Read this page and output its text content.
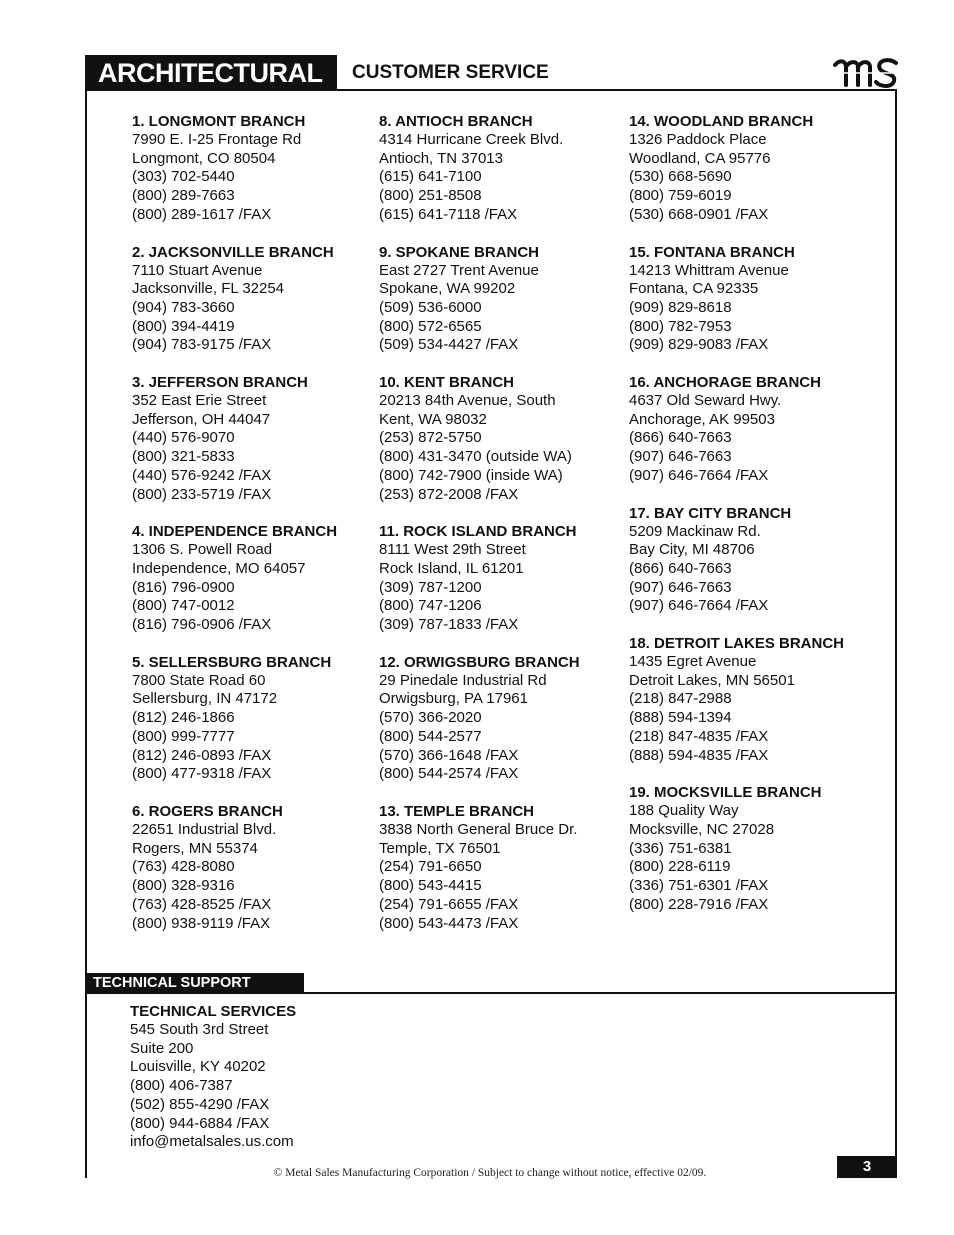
ARCHITECTURAL	CUSTOMER SERVICE
1. LONGMONT BRANCH
7990 E. I-25 Frontage Rd
Longmont, CO 80504
(303) 702-5440
(800) 289-7663
(800) 289-1617 /FAX
2. JACKSONVILLE BRANCH
7110 Stuart Avenue
Jacksonville, FL 32254
(904) 783-3660
(800) 394-4419
(904) 783-9175 /FAX
3. JEFFERSON BRANCH
352 East Erie Street
Jefferson, OH 44047
(440) 576-9070
(800) 321-5833
(440) 576-9242 /FAX
(800) 233-5719 /FAX
4. INDEPENDENCE BRANCH
1306 S. Powell Road
Independence, MO 64057
(816) 796-0900
(800) 747-0012
(816) 796-0906 /FAX
5. SELLERSBURG BRANCH
7800 State Road 60
Sellersburg, IN 47172
(812) 246-1866
(800) 999-7777
(812) 246-0893 /FAX
(800) 477-9318 /FAX
6. ROGERS BRANCH
22651 Industrial Blvd.
Rogers, MN 55374
(763) 428-8080
(800) 328-9316
(763) 428-8525 /FAX
(800) 938-9119 /FAX
8. ANTIOCH BRANCH
4314 Hurricane Creek Blvd.
Antioch, TN 37013
(615) 641-7100
(800) 251-8508
(615) 641-7118 /FAX
9. SPOKANE BRANCH
East 2727 Trent Avenue
Spokane, WA 99202
(509) 536-6000
(800) 572-6565
(509) 534-4427 /FAX
10. KENT BRANCH
20213 84th Avenue, South
Kent, WA 98032
(253) 872-5750
(800) 431-3470 (outside WA)
(800) 742-7900 (inside WA)
(253) 872-2008 /FAX
11. ROCK ISLAND BRANCH
8111 West 29th Street
Rock Island, IL 61201
(309) 787-1200
(800) 747-1206
(309) 787-1833 /FAX
12. ORWIGSBURG BRANCH
29 Pinedale Industrial Rd
Orwigsburg, PA 17961
(570) 366-2020
(800) 544-2577
(570) 366-1648 /FAX
(800) 544-2574 /FAX
13. TEMPLE BRANCH
3838 North General Bruce Dr.
Temple, TX 76501
(254) 791-6650
(800) 543-4415
(254) 791-6655 /FAX
(800) 543-4473 /FAX
14. WOODLAND BRANCH
1326 Paddock Place
Woodland, CA 95776
(530) 668-5690
(800) 759-6019
(530) 668-0901 /FAX
15. FONTANA BRANCH
14213 Whittram Avenue
Fontana, CA 92335
(909) 829-8618
(800) 782-7953
(909) 829-9083 /FAX
16. ANCHORAGE BRANCH
4637 Old Seward Hwy.
Anchorage, AK 99503
(866) 640-7663
(907) 646-7663
(907) 646-7664 /FAX
17. BAY CITY BRANCH
5209 Mackinaw Rd.
Bay City, MI 48706
(866) 640-7663
(907) 646-7663
(907) 646-7664 /FAX
18. DETROIT LAKES BRANCH
1435 Egret Avenue
Detroit Lakes, MN 56501
(218) 847-2988
(888) 594-1394
(218) 847-4835 /FAX
(888) 594-4835 /FAX
19. MOCKSVILLE BRANCH
188 Quality Way
Mocksville, NC 27028
(336) 751-6381
(800) 228-6119
(336) 751-6301 /FAX
(800) 228-7916 /FAX
TECHNICAL SUPPORT
TECHNICAL SERVICES
545 South 3rd Street
Suite 200
Louisville, KY 40202
(800) 406-7387
(502) 855-4290 /FAX
(800) 944-6884 /FAX
info@metalsales.us.com
© Metal Sales Manufacturing Corporation / Subject to change without notice, effective 02/09.	3
